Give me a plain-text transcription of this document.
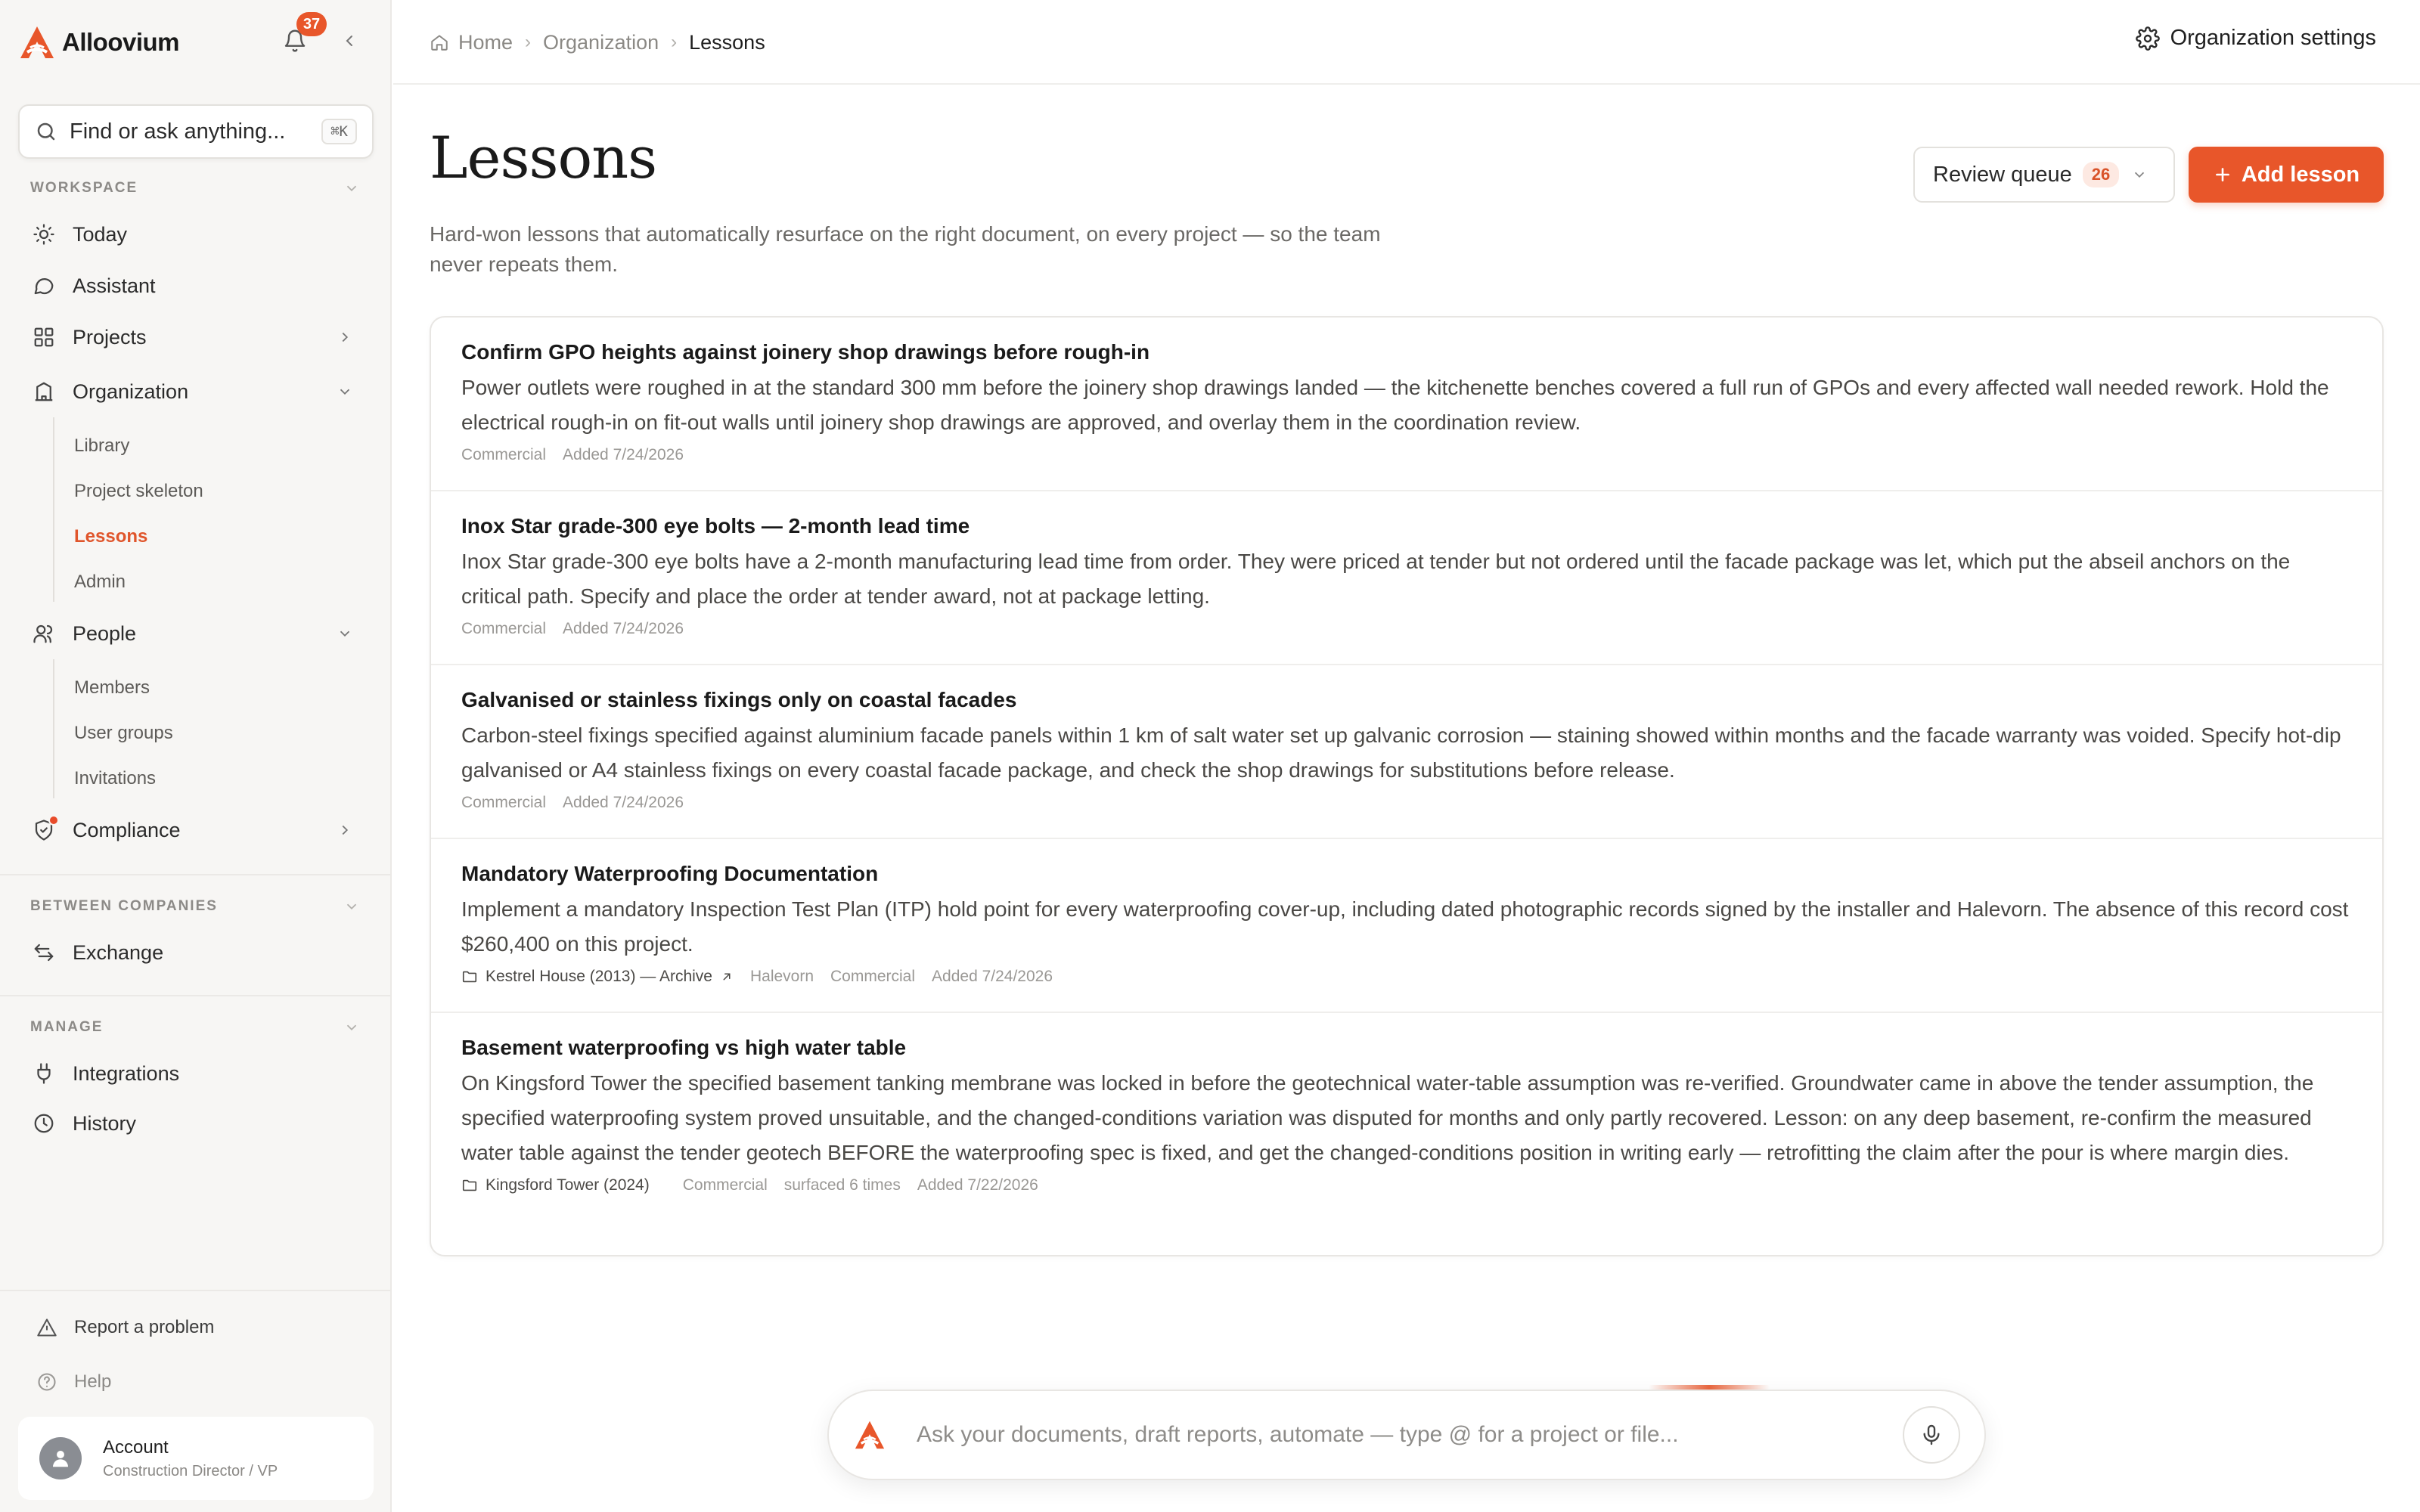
Alloovium
37
Find or ask anything...	⌘K
WORKSPACE
Today
Assistant
Projects
Organization
Library
Project skeleton
Lessons
Admin
People
Members
User groups
Invitations
Compliance
BETWEEN COMPANIES
Exchange
MANAGE
Integrations
History
Report a problem
Help
Account
Construction Director / VP
Home › Organization › Lessons	Organization settings
Lessons

Hard-won lessons that automatically resurface on the right document, on every project — so the team never repeats them.

Review queue	26	Add lesson
Confirm GPO heights against joinery shop drawings before rough-in
Power outlets were roughed in at the standard 300 mm before the joinery shop drawings landed — the kitchenette benches covered a full run of GPOs and every affected wall needed rework. Hold the electrical rough-in on fit-out walls until joinery shop drawings are approved, and overlay them in the coordination review.
Commercial Added 7/24/2026
Inox Star grade-300 eye bolts — 2-month lead time
Inox Star grade-300 eye bolts have a 2-month manufacturing lead time from order. They were priced at tender but not ordered until the facade package was let, which put the abseil anchors on the critical path. Specify and place the order at tender award, not at package letting.
Commercial Added 7/24/2026
Galvanised or stainless fixings only on coastal facades
Carbon-steel fixings specified against aluminium facade panels within 1 km of salt water set up galvanic corrosion — staining showed within months and the facade warranty was voided. Specify hot-dip galvanised or A4 stainless fixings on every coastal facade package, and check the shop drawings for substitutions before release.
Commercial Added 7/24/2026
Mandatory Waterproofing Documentation
Implement a mandatory Inspection Test Plan (ITP) hold point for every waterproofing cover-up, including dated photographic records signed by the installer and Halevorn. The absence of this record cost $260,400 on this project.
Kestrel House (2013) — Archive Halevorn Commercial Added 7/24/2026
Basement waterproofing vs high water table
On Kingsford Tower the specified basement tanking membrane was locked in before the geotechnical water-table assumption was re-verified. Groundwater came in above the tender assumption, the specified waterproofing system proved unsuitable, and the changed-conditions variation was disputed for months and only partly recovered. Lesson: on any deep basement, re-confirm the measured water table against the tender geotech BEFORE the waterproofing spec is fixed, and get the changed-conditions position in writing early — retrofitting the claim after the pour is where margin dies.
Kingsford Tower (2024) Commercial surfaced 6 times Added 7/22/2026
Ask your documents, draft reports, automate — type @ for a project or file...
